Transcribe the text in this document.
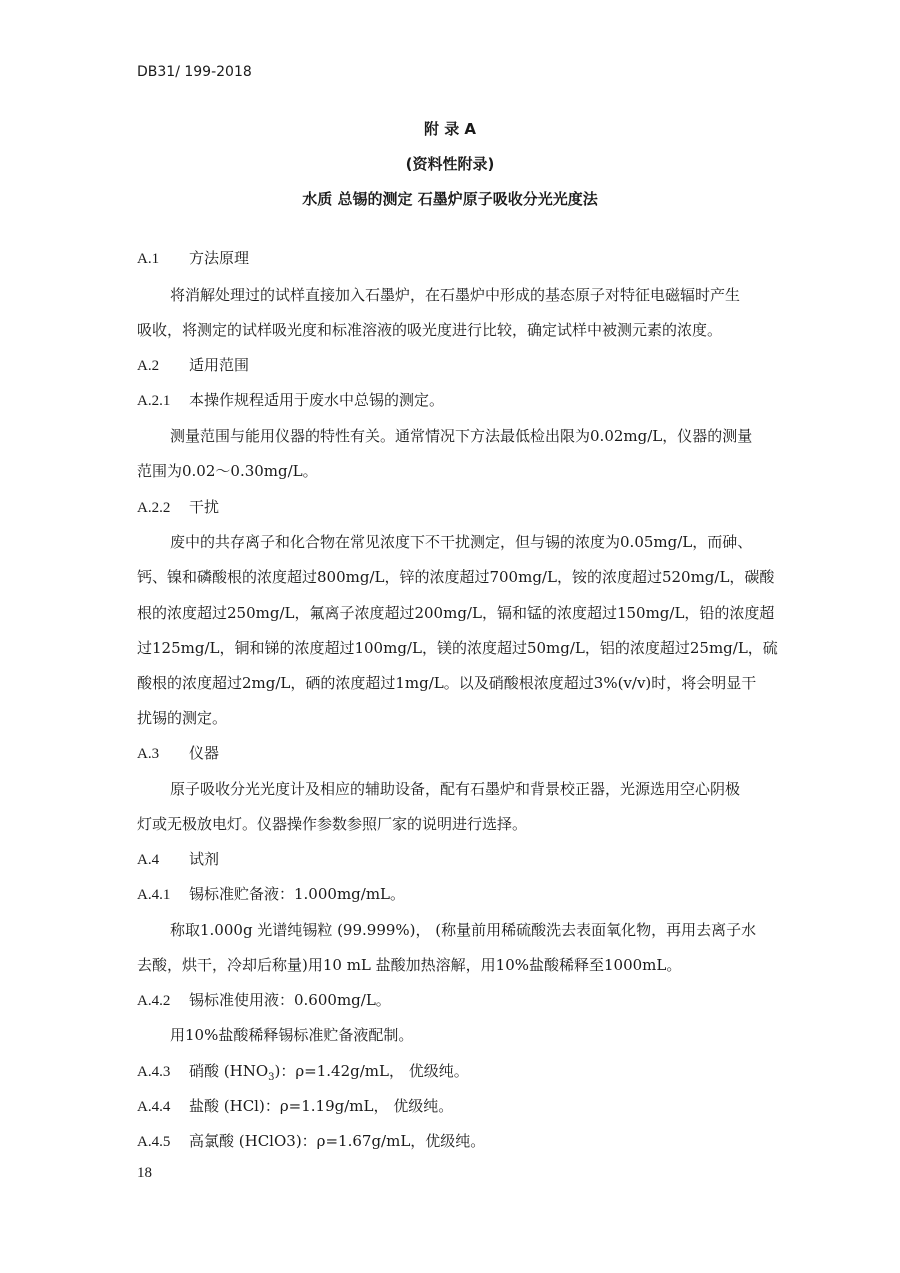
DB31/ 199-2018
附 录 A
(资料性附录)
水质 总锡的测定 石墨炉原子吸收分光光度法
A.1 方法原理
将消解处理过的试样直接加入石墨炉，在石墨炉中形成的基态原子对特征电磁辐时产生
吸收，将测定的试样吸光度和标准溶液的吸光度进行比较，确定试样中被测元素的浓度。
A.2 适用范围
A.2.1 本操作规程适用于废水中总锡的测定。
测量范围与能用仪器的特性有关。通常情况下方法最低检出限为0.02mg/L，仪器的测量
范围为0.02～0.30mg/L。
A.2.2 干扰
废中的共存离子和化合物在常见浓度下不干扰测定，但与锡的浓度为0.05mg/L，而砷、
钙、镍和磷酸根的浓度超过800mg/L，锌的浓度超过700mg/L，铵的浓度超过520mg/L，碳酸
根的浓度超过250mg/L，氟离子浓度超过200mg/L，镉和锰的浓度超过150mg/L，铅的浓度超
过125mg/L，铜和锑的浓度超过100mg/L，镁的浓度超过50mg/L，铝的浓度超过25mg/L，硫
酸根的浓度超过2mg/L，硒的浓度超过1mg/L。以及硝酸根浓度超过3%(v/v)时，将会明显干
扰锡的测定。
A.3 仪器
原子吸收分光光度计及相应的辅助设备，配有石墨炉和背景校正器，光源选用空心阴极
灯或无极放电灯。仪器操作参数参照厂家的说明进行选择。
A.4 试剂
A.4.1 锡标准贮备液：1.000mg/mL。
称取1.000g 光谱纯锡粒 (99.999%)， (称量前用稀硫酸洗去表面氧化物，再用去离子水
去酸，烘干，冷却后称量)用10 mL 盐酸加热溶解，用10%盐酸稀释至1000mL。
A.4.2 锡标准使用液：0.600mg/L。
用10%盐酸稀释锡标准贮备液配制。
A.4.3 硝酸 $(HNO_3)$：ρ=1.42g/mL， 优级纯。
A.4.4 盐酸 (HCl)：ρ=1.19g/mL， 优级纯。
A.4.5 高氯酸 (HClO3)：ρ=1.67g/mL，优级纯。
18
